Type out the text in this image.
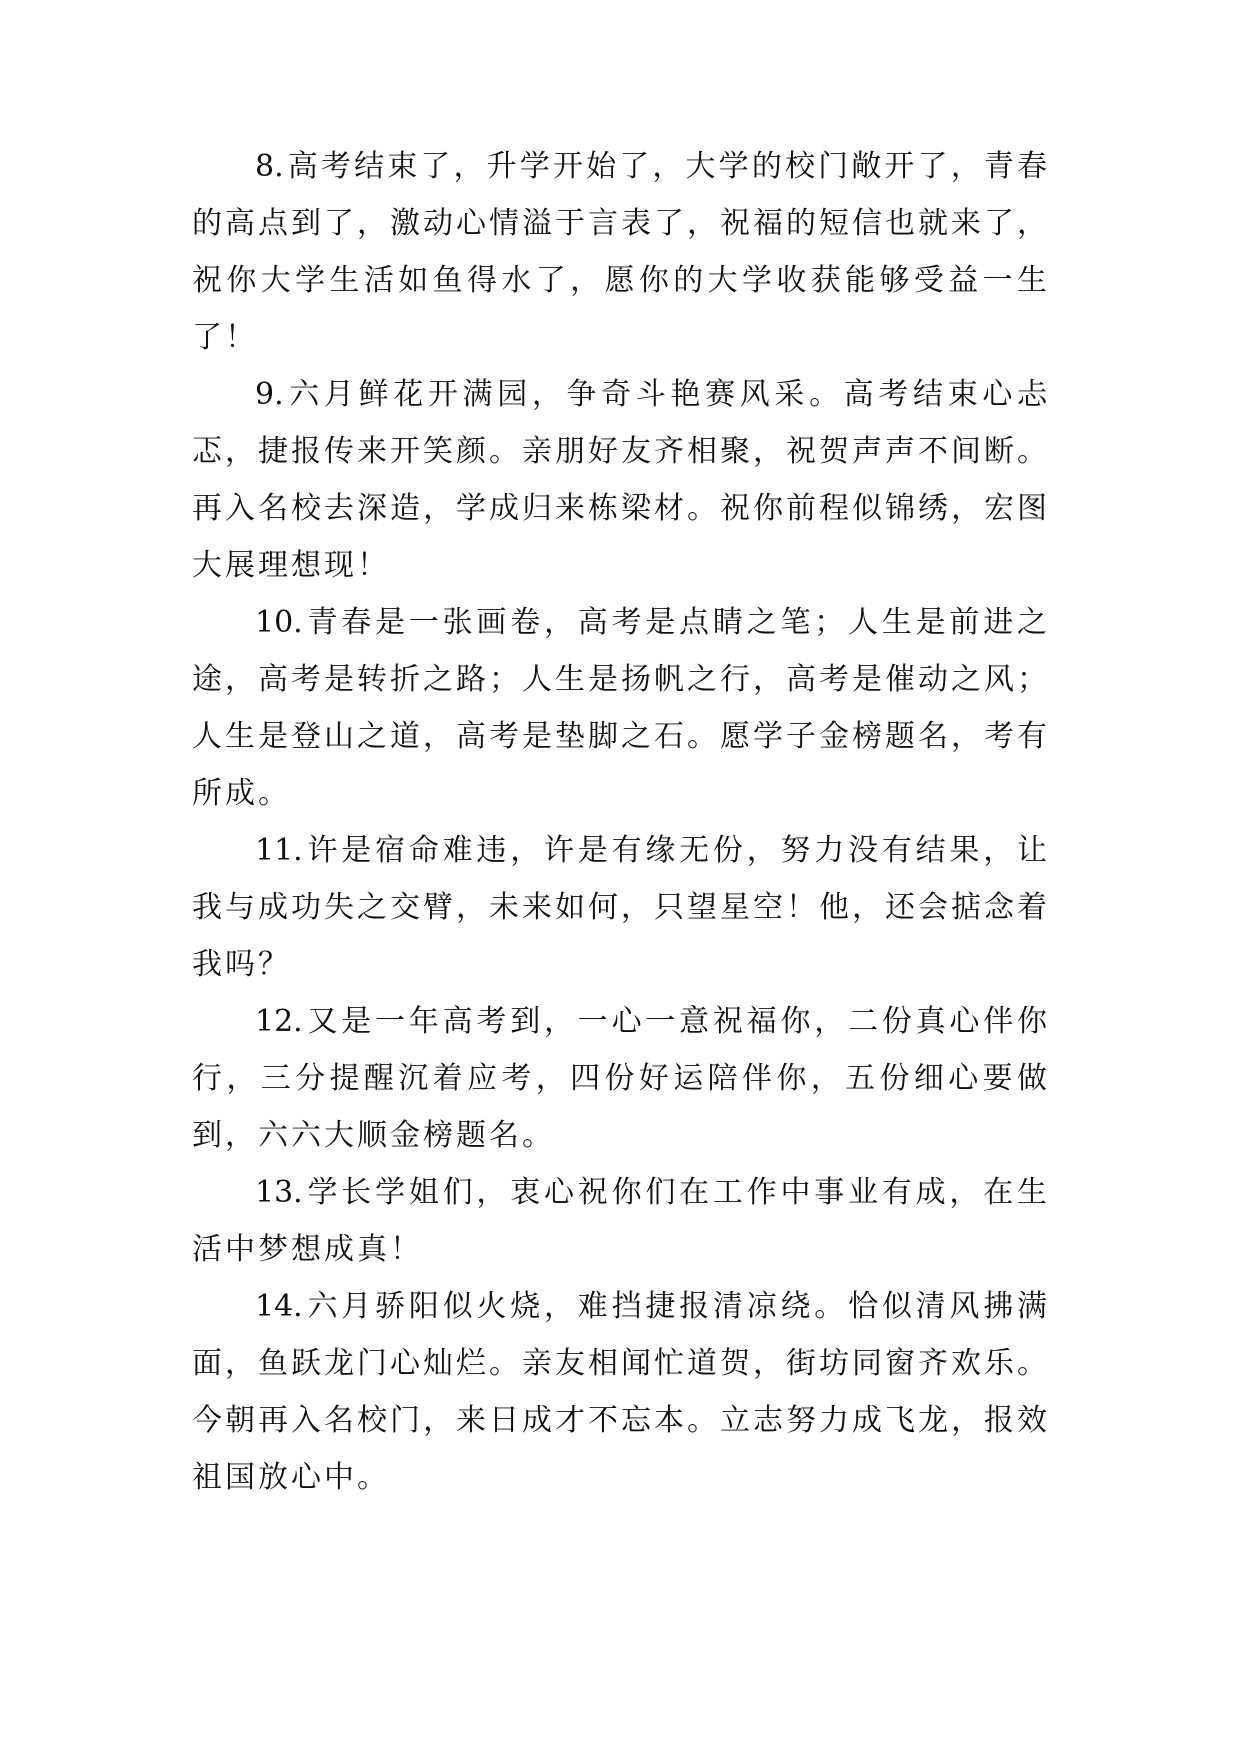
8. 高考结束了，升学开始了，大学的校门敞开了，青春的高点到了，激动心情溢于言表了，祝福的短信也就来了，祝你大学生活如鱼得水了，愿你的大学收获能够受益一生了！

9. 六月鲜花开满园，争奇斗艳赛风采。高考结束心忐忑，捷报传来开笑颜。亲朋好友齐相聚，祝贺声声不间断。再入名校去深造，学成归来栋梁材。祝你前程似锦绣，宏图大展理想现！

10. 青春是一张画卷，高考是点睛之笔；人生是前进之途，高考是转折之路；人生是扬帆之行，高考是催动之风；人生是登山之道，高考是垫脚之石。愿学子金榜题名，考有所成。

11. 许是宿命难违，许是有缘无份，努力没有结果，让我与成功失之交臂，未来如何，只望星空！他，还会掂念着我吗？

12. 又是一年高考到，一心一意祝福你，二份真心伴你行，三分提醒沉着应考，四份好运陪伴你，五份细心要做到，六六大顺金榜题名。

13. 学长学姐们，衷心祝你们在工作中事业有成，在生活中梦想成真！

14. 六月骄阳似火烧，难挡捷报清凉绕。恰似清风拂满面，鱼跃龙门心灿烂。亲友相闻忙道贺，街坊同窗齐欢乐。今朝再入名校门，来日成才不忘本。立志努力成飞龙，报效祖国放心中。
